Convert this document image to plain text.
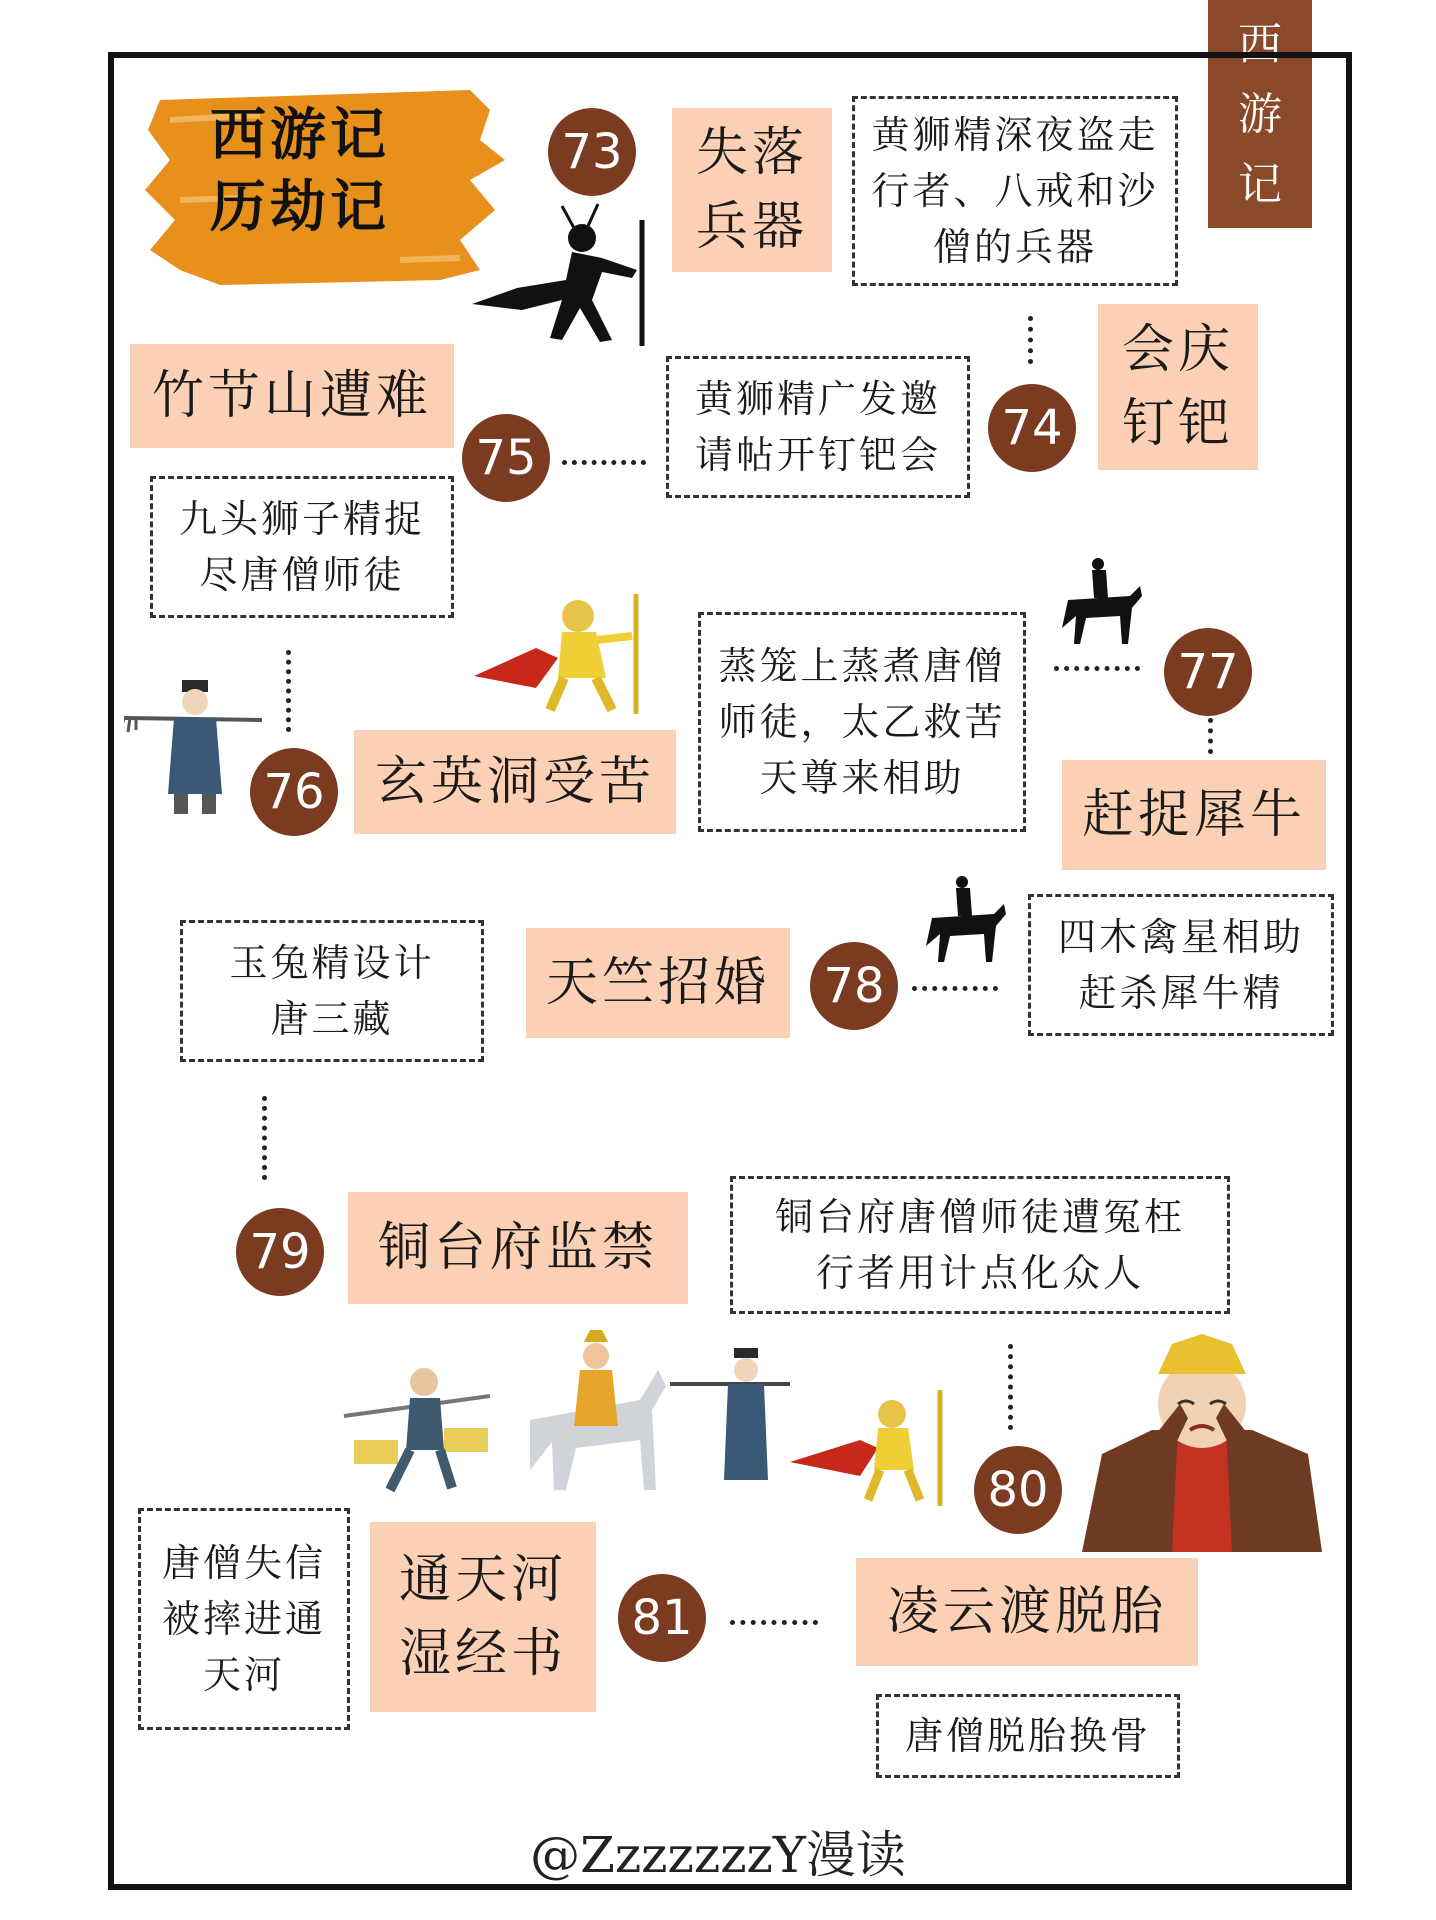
西
游
记
西游记
历劫记
73 失落
兵器
黄狮精深夜盗走
行者、八戒和沙
僧的兵器
会庆
钉钯
74
黄狮精广发邀
请帖开钉钯会
竹节山遭难
75
九头狮子精捉
尽唐僧师徒
76 玄英洞受苦
蒸笼上蒸煮唐僧
师徒，太乙救苦
天尊来相助
77
赶捉犀牛
玉兔精设计
唐三藏
天竺招婚	78
四木禽星相助
赶杀犀牛精
79	铜台府监禁
铜台府唐僧师徒遭冤枉
行者用计点化众人
80
凌云渡脱胎
唐僧脱胎换骨
唐僧失信
被摔进通
天河
通天河
湿经书
81
@ZzzzzzzY漫读
